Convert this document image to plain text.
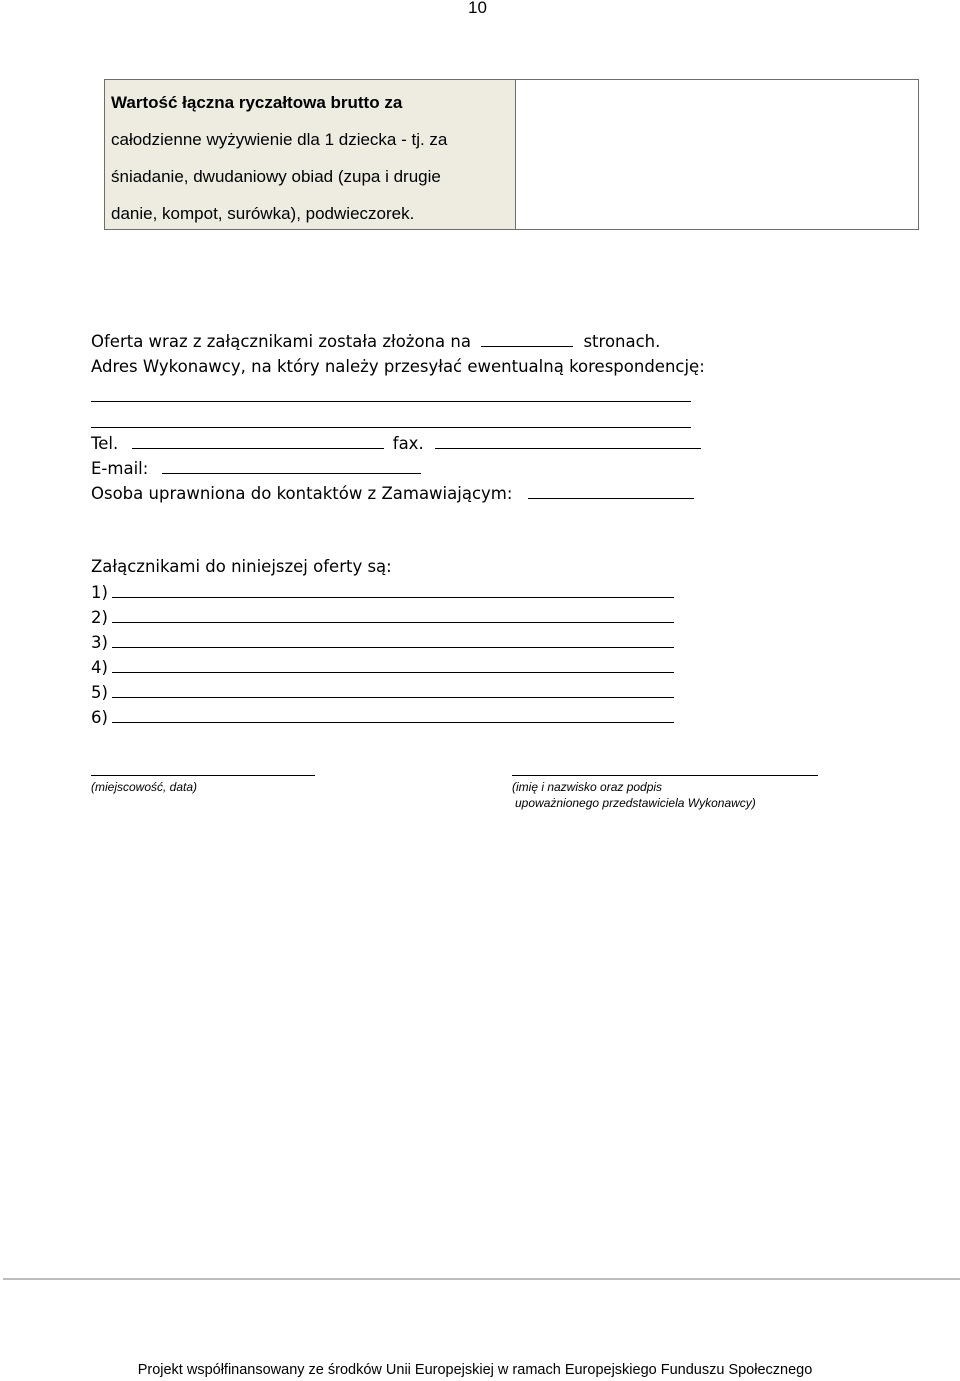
10
Wartość łączna ryczałtowa brutto za
całodzienne wyżywienie dla 1 dziecka - tj. za
śniadanie, dwudaniowy obiad (zupa i drugie
danie, kompot, surówka), podwieczorek.
Oferta wraz z załącznikami została złożona na	stronach.
Adres Wykonawcy, na który należy przesyłać ewentualną korespondencję:
Tel.	fax.
E-mail:
Osoba uprawniona do kontaktów z Zamawiającym:
Załącznikami do niniejszej oferty są:
1)
2)
3)
4)
5)
6)
(miejscowość, data)	(imię i nazwisko oraz podpis
upoważnionego przedstawiciela Wykonawcy)
Projekt współfinansowany ze środków Unii Europejskiej w ramach Europejskiego Funduszu Społecznego
